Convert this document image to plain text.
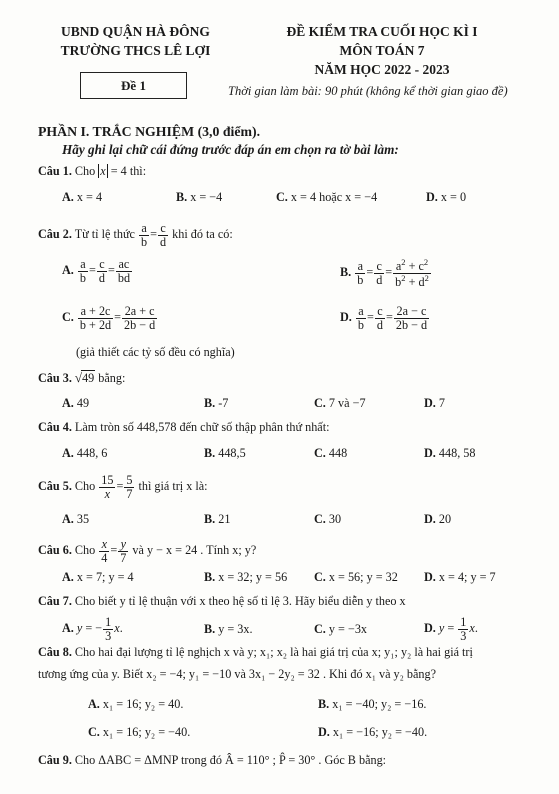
UBND QUẬN HÀ ĐÔNG
TRƯỜNG THCS LÊ LỢI
Đề 1
ĐỀ KIỂM TRA CUỐI HỌC KÌ I
MÔN TOÁN 7
NĂM HỌC 2022 - 2023
Thời gian làm bài: 90 phút (không kể thời gian giao đề)
PHẦN I. TRẮC NGHIỆM (3,0 điểm).
Hãy ghi lại chữ cái đứng trước đáp án em chọn ra tờ bài làm:
Câu 1. Cho x = 4 thì:
A. x = 4	B. x = −4	C. x = 4 hoặc x = −4	D. x = 0
Câu 2. Từ tỉ lệ thức $\frac{a}{b} = \frac{c}{d}$ khi đó ta có:
A. $\frac{a}{b} = \frac{c}{d} = \frac{ac}{bd}$	B. $\frac{a}{b} = \frac{c}{d} = \frac{a^2 + c^2}{b^2 + d^2}$
C. $\frac{a + 2c}{b + 2d} = \frac{2a + c}{2b - d}$	D. $\frac{a}{b} = \frac{c}{d} = \frac{2a - c}{2b - d}$
(giả thiết các tỷ số đều có nghĩa)
Câu 3. √49 bằng:
A. 49	B. -7	C. 7 và −7	D. 7
Câu 4. Làm tròn số 448,578 đến chữ số thập phân thứ nhất:
A. 448, 6	B. 448,5	C. 448	D. 448, 58
Câu 5. Cho $\frac{15}{x} = \frac{5}{7}$ thì giá trị x là:
A. 35	B. 21	C. 30	D. 20
Câu 6. Cho $\frac{x}{4} = \frac{y}{7}$ và y − x = 24 . Tính x; y?
A. x = 7; y = 4	B. x = 32; y = 56 C. x = 56; y = 32 D. x = 4; y = 7
Câu 7. Cho biết y tỉ lệ thuận với x theo hệ số tỉ lệ 3. Hãy biểu diễn y theo x
A. y = − $\frac{1}{3} x$.	B. y = 3x.	C. y = −3x	D. $y = \frac{1}{3} x$.
Câu 8. Cho hai đại lượng tỉ lệ nghịch x và y; x₁; x₂ là hai giá trị của x; y₁; y₂ là hai giá trị
tương ứng của y. Biết x₂ = −4; y₁ = −10 và 3x₁ − 2y₂ = 32 . Khi đó x₁ và y₂ bằng?
A. x₁ = 16; y₂ = 40.	B. x₁ = −40; y₂ = −16.
C. x₁ = 16; y₂ = −40.	D. x₁ = −16; y₂ = −40.
Câu 9. Cho ΔABC = ΔMNP trong đó Â = 110° ; P̂ = 30° . Góc B bằng:
